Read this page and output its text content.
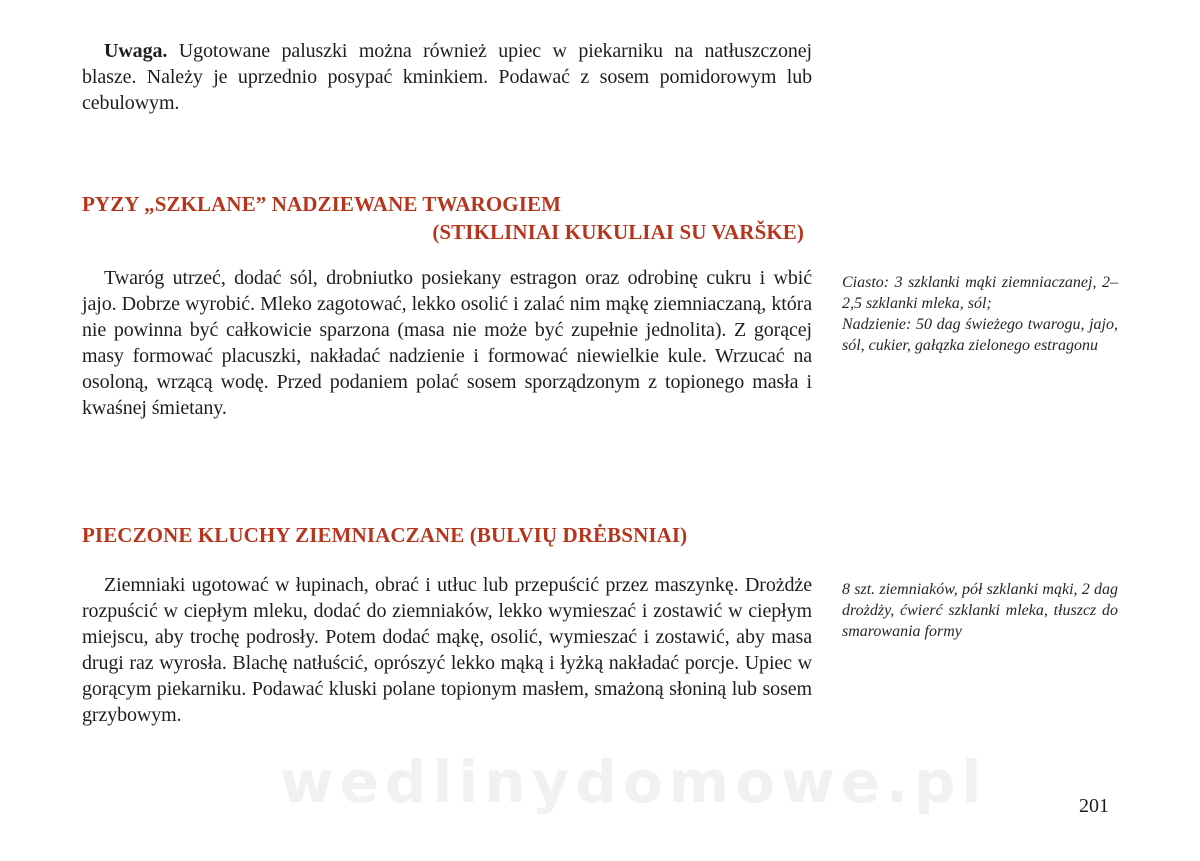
Uwaga. Ugotowane paluszki można również upiec w piekarniku na natłuszczonej blaszе. Należy je uprzednio posypać kminkiem. Podawać z sosem pomidorowym lub cebulowym.

PYZY „SZKLANE” NADZIEWANE TWAROGIEM
(STIKLINIAI KUKULIAI SU VARŠKE)

Twaróg utrzeć, dodać sól, drobniutko posiekany estragon oraz odrobinę cukru i wbić jajo. Dobrze wyrobić. Mleko zagotować, lekko osolić i zalać nim mąkę ziemniaczaną, która nie powinna być całkowicie sparzona (masa nie może być zupełnie jednolita). Z gorącej masy formować placuszki, nakładać nadzienie i formować niewielkie kule. Wrzucać na osoloną, wrzącą wodę. Przed podaniem polać sosem sporządzonym z topionego masła i kwaśnej śmietany.

Ciasto: 3 szklanki mąki ziemniaczanej, 2–2,5 szklanki mleka, sól;

Nadzienie: 50 dag świeżego twarogu, jajo, sól, cukier, gałązka zielonego estragonu

PIECZONE KLUCHY ZIEMNIACZANE (BULVIŲ DRĖBSNIAI)

Ziemniaki ugotować w łupinach, obrać i utłuc lub przepuścić przez maszynkę. Drożdże rozpuścić w ciepłym mleku, dodać do ziemniaków, lekko wymieszać i zostawić w ciepłym miejscu, aby trochę podrosły. Potem dodać mąkę, osolić, wymieszać i zostawić, aby masa drugi raz wyrosła. Blachę natłuścić, oprószyć lekko mąką i łyżką nakładać porcje. Upiec w gorącym piekarniku. Podawać kluski polane topionym masłem, smażoną słoniną lub sosem grzybowym.

8 szt. ziemniaków, pół szklanki mąki, 2 dag drożdży, ćwierć szklanki mleka, tłuszcz do smarowania formy

wedlinydomowe.pl	201
